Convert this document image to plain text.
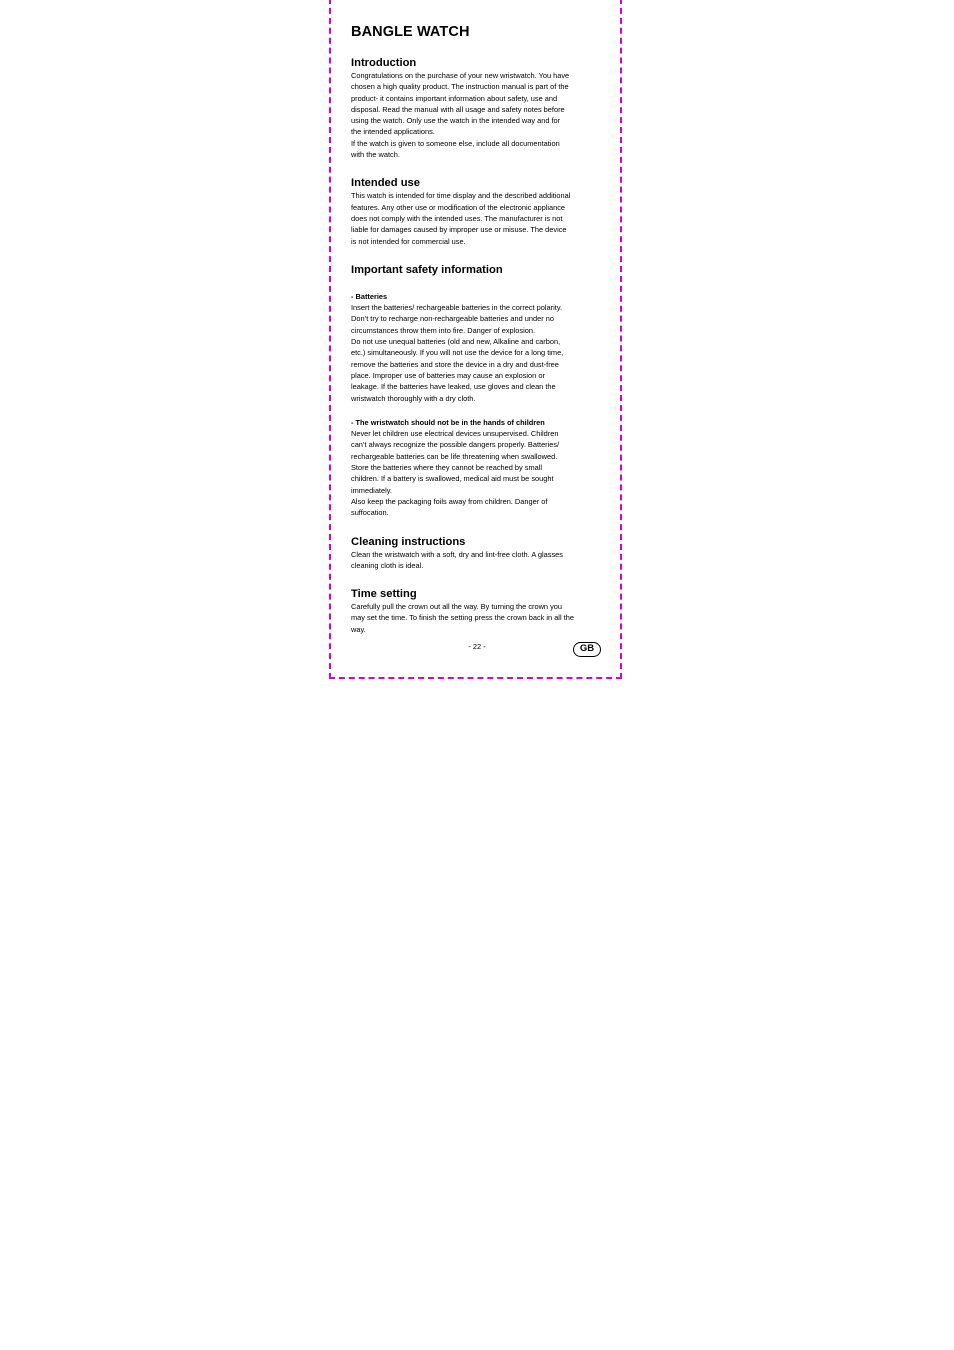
BANGLE WATCH
Introduction

Congratulations on the purchase of your new wristwatch. You have
chosen a high quality product. The instruction manual is part of the
product- it contains important information about safety, use and
disposal. Read the manual with all usage and safety notes before
using the watch. Only use the watch in the intended way and for
the intended applications.
If the watch is given to someone else, include all documentation
with the watch.

Intended use

This watch is intended for time display and the described additional
features. Any other use or modification of the electronic appliance
does not comply with the intended uses. The manufacturer is not
liable for damages caused by improper use or misuse. The device
is not intended for commercial use.

Important safety information
- Batteries

Insert the batteries/ rechargeable batteries in the correct polarity.
Don’t try to recharge non-rechargeable batteries and under no
circumstances throw them into fire. Danger of explosion.
Do not use unequal batteries (old and new, Alkaline and carbon,
etc.) simultaneously. If you will not use the device for a long time,
remove the batteries and store the device in a dry and dust-free
place. Improper use of batteries may cause an explosion or
leakage. If the batteries have leaked, use gloves and clean the
wristwatch thoroughly with a dry cloth.

- The wristwatch should not be in the hands of children

Never let children use electrical devices unsupervised. Children
can’t always recognize the possible dangers properly. Batteries/
rechargeable batteries can be life threatening when swallowed.
Store the batteries where they cannot be reached by small
children. If a battery is swallowed, medical aid must be sought
immediately.
Also keep the packaging foils away from children. Danger of
suffocation.

Cleaning instructions

Clean the wristwatch with a soft, dry and lint-free cloth. A glasses
cleaning cloth is ideal.

Time setting

Carefully pull the crown out all the way. By turning the crown you
may set the time. To finish the setting press the crown back in all the
way.

- 22 -	GB
